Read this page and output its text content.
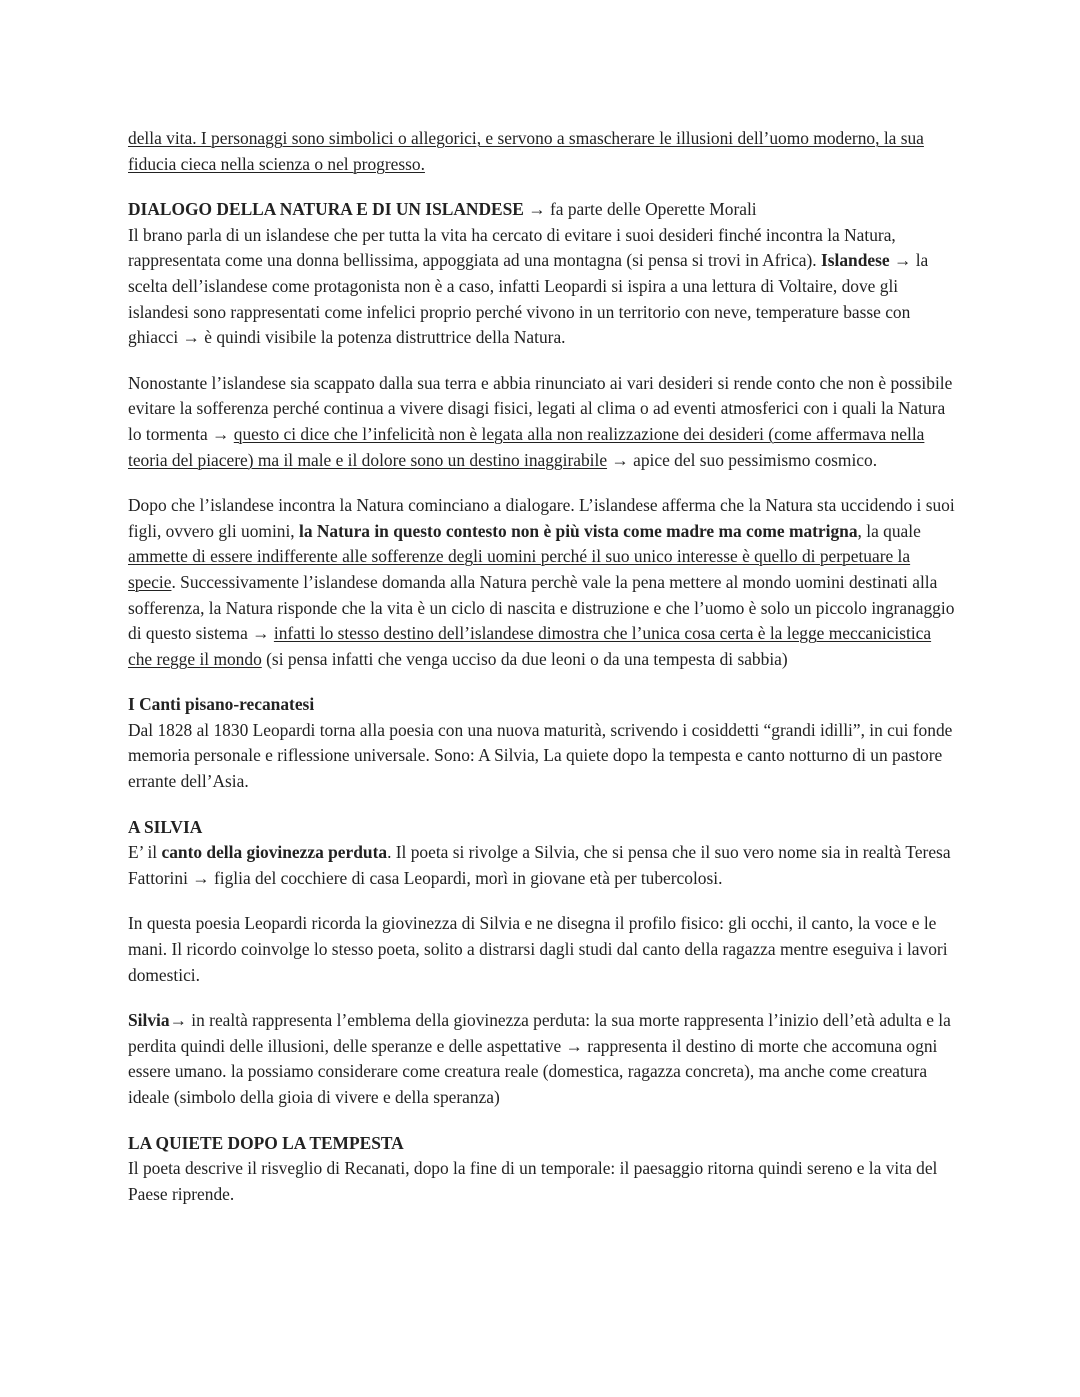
della vita. I personaggi sono simbolici o allegorici, e servono a smascherare le illusioni dell’uomo moderno, la sua fiducia cieca nella scienza o nel progresso.

DIALOGO DELLA NATURA E DI UN ISLANDESE → fa parte delle Operette Morali
Il brano parla di un islandese che per tutta la vita ha cercato di evitare i suoi desideri finché incontra la Natura, rappresentata come una donna bellissima, appoggiata ad una montagna (si pensa si trovi in Africa). Islandese → la scelta dell’islandese come protagonista non è a caso, infatti Leopardi si ispira a una lettura di Voltaire, dove gli islandesi sono rappresentati come infelici proprio perché vivono in un territorio con neve, temperature basse con ghiacci → è quindi visibile la potenza distruttrice della Natura.

Nonostante l’islandese sia scappato dalla sua terra e abbia rinunciato ai vari desideri si rende conto che non è possibile evitare la sofferenza perché continua a vivere disagi fisici, legati al clima o ad eventi atmosferici con i quali la Natura lo tormenta → questo ci dice che l’infelicità non è legata alla non realizzazione dei desideri (come affermava nella teoria del piacere) ma il male e il dolore sono un destino inaggirabile → apice del suo pessimismo cosmico.

Dopo che l’islandese incontra la Natura cominciano a dialogare. L’islandese afferma che la Natura sta uccidendo i suoi figli, ovvero gli uomini, la Natura in questo contesto non è più vista come madre ma come matrigna, la quale ammette di essere indifferente alle sofferenze degli uomini perché il suo unico interesse è quello di perpetuare la specie. Successivamente l’islandese domanda alla Natura perchè vale la pena mettere al mondo uomini destinati alla sofferenza, la Natura risponde che la vita è un ciclo di nascita e distruzione e che l’uomo è solo un piccolo ingranaggio di questo sistema → infatti lo stesso destino dell’islandese dimostra che l’unica cosa certa è la legge meccanicistica che regge il mondo (si pensa infatti che venga ucciso da due leoni o da una tempesta di sabbia)

I Canti pisano-recanatesi
Dal 1828 al 1830 Leopardi torna alla poesia con una nuova maturità, scrivendo i cosiddetti “grandi idilli”, in cui fonde memoria personale e riflessione universale. Sono: A Silvia, La quiete dopo la tempesta e canto notturno di un pastore errante dell’Asia.

A SILVIA
E’ il canto della giovinezza perduta. Il poeta si rivolge a Silvia, che si pensa che il suo vero nome sia in realtà Teresa Fattorini → figlia del cocchiere di casa Leopardi, morì in giovane età per tubercolosi.

In questa poesia Leopardi ricorda la giovinezza di Silvia e ne disegna il profilo fisico: gli occhi, il canto, la voce e le mani. Il ricordo coinvolge lo stesso poeta, solito a distrarsi dagli studi dal canto della ragazza mentre eseguiva i lavori domestici.

Silvia→ in realtà rappresenta l’emblema della giovinezza perduta: la sua morte rappresenta l’inizio dell’età adulta e la perdita quindi delle illusioni, delle speranze e delle aspettative → rappresenta il destino di morte che accomuna ogni essere umano. la possiamo considerare come creatura reale (domestica, ragazza concreta), ma anche come creatura ideale (simbolo della gioia di vivere e della speranza)

LA QUIETE DOPO LA TEMPESTA
Il poeta descrive il risveglio di Recanati, dopo la fine di un temporale: il paesaggio ritorna quindi sereno e la vita del Paese riprende.
